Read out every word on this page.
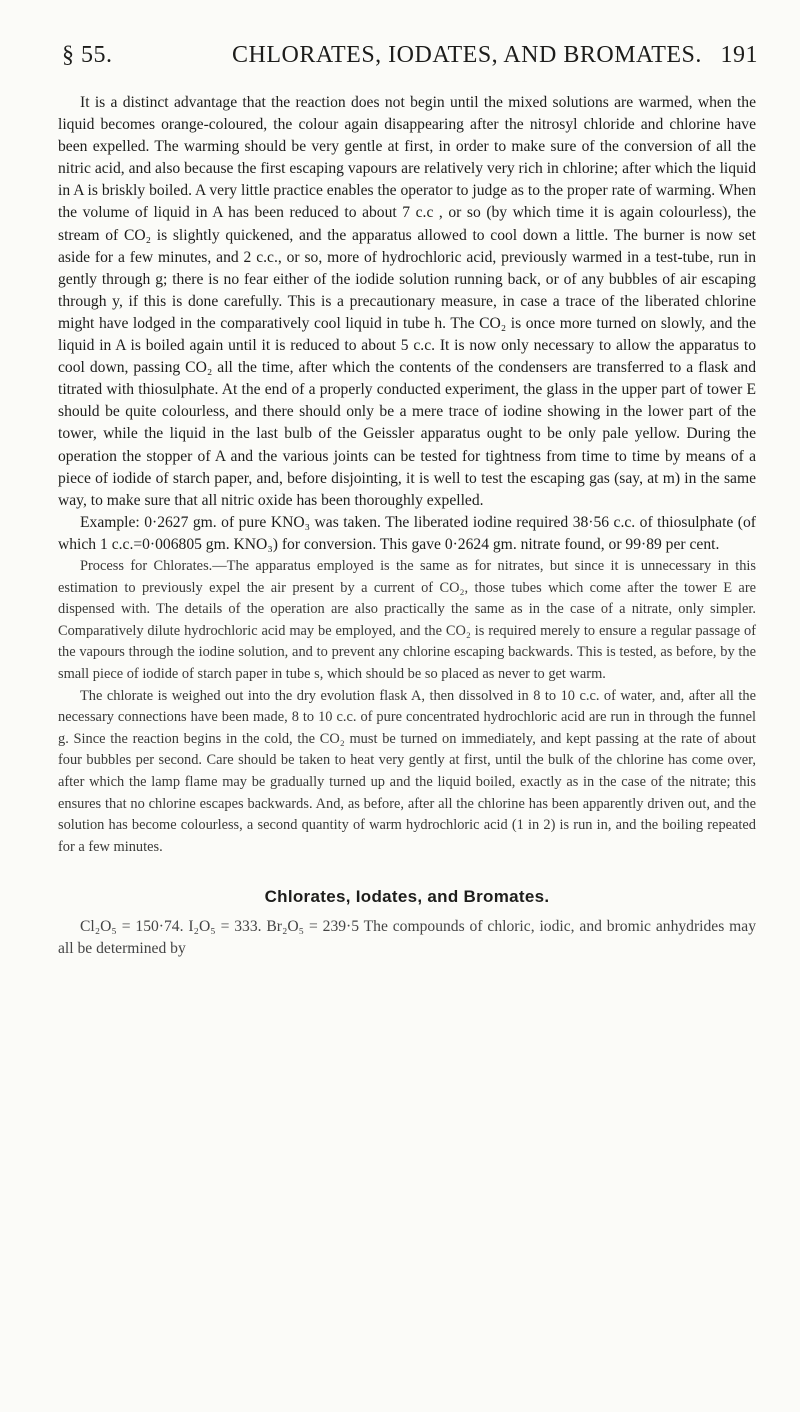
§ 55.	CHLORATES, IODATES, AND BROMATES. 191

It is a distinct advantage that the reaction does not begin until the mixed solutions are warmed, when the liquid becomes orange-coloured, the colour again disappearing after the nitrosyl chloride and chlorine have been expelled. The warming should be very gentle at first, in order to make sure of the conversion of all the nitric acid, and also because the first escaping vapours are relatively very rich in chlorine; after which the liquid in A is briskly boiled. A very little practice enables the operator to judge as to the proper rate of warming. When the volume of liquid in A has been reduced to about 7 c.c , or so (by which time it is again colourless), the stream of CO₂ is slightly quickened, and the apparatus allowed to cool down a little. The burner is now set aside for a few minutes, and 2 c.c., or so, more of hydrochloric acid, previously warmed in a test-tube, run in gently through g; there is no fear either of the iodide solution running back, or of any bubbles of air escaping through y, if this is done carefully. This is a precautionary measure, in case a trace of the liberated chlorine might have lodged in the comparatively cool liquid in tube h. The CO₂ is once more turned on slowly, and the liquid in A is boiled again until it is reduced to about 5 c.c. It is now only necessary to allow the apparatus to cool down, passing CO₂ all the time, after which the contents of the condensers are transferred to a flask and titrated with thiosulphate. At the end of a properly conducted experiment, the glass in the upper part of tower E should be quite colourless, and there should only be a mere trace of iodine showing in the lower part of the tower, while the liquid in the last bulb of the Geissler apparatus ought to be only pale yellow. During the operation the stopper of A and the various joints can be tested for tightness from time to time by means of a piece of iodide of starch paper, and, before disjointing, it is well to test the escaping gas (say, at m) in the same way, to make sure that all nitric oxide has been thoroughly expelled.

Example: 0·2627 gm. of pure KNO₃ was taken. The liberated iodine required 38·56 c.c. of thiosulphate (of which 1 c.c.=0·006805 gm. KNO₃) for conversion. This gave 0·2624 gm. nitrate found, or 99·89 per cent.

Process for Chlorates.—The apparatus employed is the same as for nitrates, but since it is unnecessary in this estimation to previously expel the air present by a current of CO₂, those tubes which come after the tower E are dispensed with. The details of the operation are also practically the same as in the case of a nitrate, only simpler. Comparatively dilute hydrochloric acid may be employed, and the CO₂ is required merely to ensure a regular passage of the vapours through the iodine solution, and to prevent any chlorine escaping backwards. This is tested, as before, by the small piece of iodide of starch paper in tube s, which should be so placed as never to get warm.

The chlorate is weighed out into the dry evolution flask A, then dissolved in 8 to 10 c.c. of water, and, after all the necessary connections have been made, 8 to 10 c.c. of pure concentrated hydrochloric acid are run in through the funnel g. Since the reaction begins in the cold, the CO₂ must be turned on immediately, and kept passing at the rate of about four bubbles per second. Care should be taken to heat very gently at first, until the bulk of the chlorine has come over, after which the lamp flame may be gradually turned up and the liquid boiled, exactly as in the case of the nitrate; this ensures that no chlorine escapes backwards. And, as before, after all the chlorine has been apparently driven out, and the solution has become colourless, a second quantity of warm hydrochloric acid (1 in 2) is run in, and the boiling repeated for a few minutes.

Chlorates, Iodates, and Bromates.

Cl₂O₅ = 150·74. I₂O₅ = 333. Br₂O₅ = 239·5 The compounds of chloric, iodic, and bromic anhydrides may all be determined by
